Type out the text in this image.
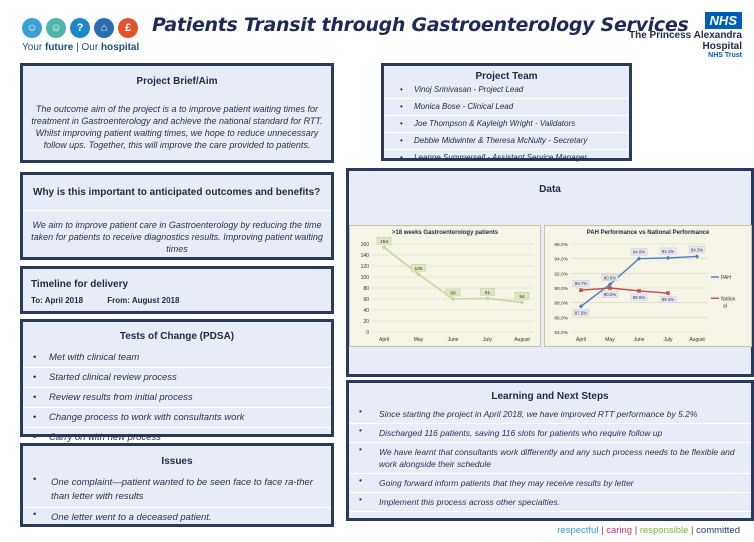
☺	☺	?	⌂	£
Your future | Our hospital
Patients Transit through Gastroenterology Services	NHS
The Princess Alexandra
Hospital
NHS Trust
Project Brief/Aim

The outcome aim of the project is a to improve patient waiting times for treatment in Gastroenterology and achieve the national standard for RTT. Whilst improving patient waiting times, we hope to reduce unnecessary follow ups. Together, this will improve the care provided to patients.

Why is this important to anticipated outcomes and benefits?

We aim to improve patient care in Gastroenterology by reducing the time taken for patients to receive diagnostics results. Improving patient waiting times

Timeline for delivery
To: April 2018	From: August 2018
Tests of Change (PDSA)
• Met with clinical team
• Started clinical review process
• Review results from initial process
• Change process to work with consultants work
• Carry on with new process
Issues
• One complaint—patient wanted to be seen face to face ra-ther than letter with results
• One letter went to a deceased patient.
Project Team
• Vinoj Srinivasan - Project Lead
• Monica Bose - Clinical Lead
• Joe Thompson & Kayleigh Wright - Validators
• Debbie Midwinter & Theresa McNulty - Secretary
• Leanne Summersell - Assistant Service Manager
Data
>18 weeks Gastroenterology patients
0
20
40
60
80
100
120
140
160
April	May	June	July	August
154
105
60	61
54
PAH Performance vs National Performance
84.0%
86.0%
88.0%
90.0%
92.0%
94.0%
96.0%
April	May	June	July	August
87.5%
90.5%
94.0%	94.1%	94.3%
89.7%
90.0%
89.6%	89.3%
PAH
Nation
al
Learning and Next Steps
• Since starting the project in April 2018, we have improved RTT performance by 5.2%
• Discharged 116 patients, saving 116 slots for patients who require follow up
• We have learnt that consultants work differently and any such process needs to be flexible and work alongside their schedule
• Going forward inform patients that they may receive results by letter
• Implement this process across other specialties.
respectful | caring | responsible | committed
